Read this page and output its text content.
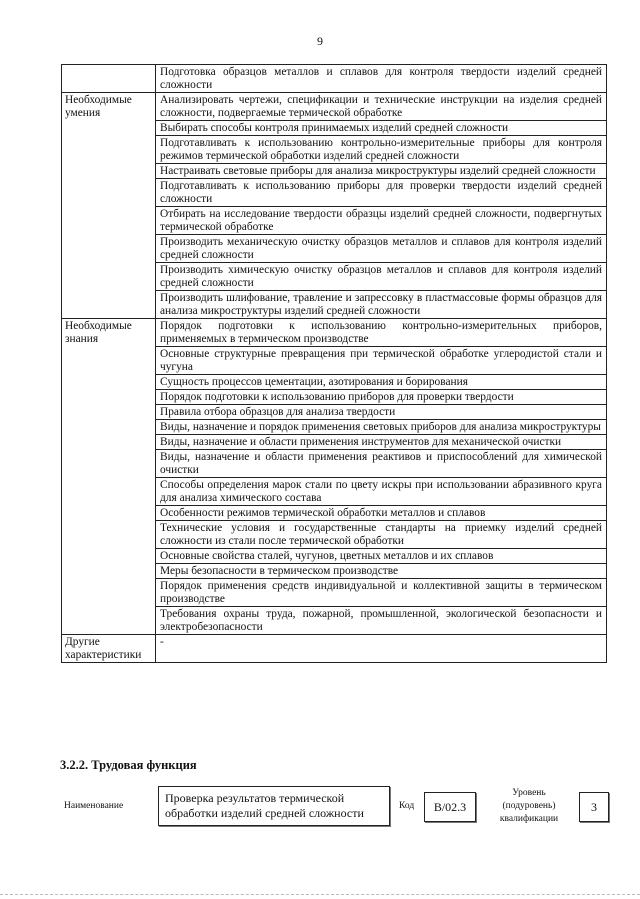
9
	Подготовка образцов металлов и сплавов для контроля твердости изделий средней сложности
Необходимые умения	Анализировать чертежи, спецификации и технические инструкции на изделия средней сложности, подвергаемые термической обработке
	Выбирать способы контроля принимаемых изделий средней сложности
	Подготавливать к использованию контрольно-измерительные приборы для контроля режимов термической обработки изделий средней сложности
	Настраивать световые приборы для анализа микроструктуры изделий средней сложности
	Подготавливать к использованию приборы для проверки твердости изделий средней сложности
	Отбирать на исследование твердости образцы изделий средней сложности, подвергнутых термической обработке
	Производить механическую очистку образцов металлов и сплавов для контроля изделий средней сложности
	Производить химическую очистку образцов металлов и сплавов для контроля изделий средней сложности
	Производить шлифование, травление и запрессовку в пластмассовые формы образцов для анализа микроструктуры изделий средней сложности
Необходимые знания	Порядок подготовки к использованию контрольно-измерительных приборов, применяемых в термическом производстве
	Основные структурные превращения при термической обработке углеродистой стали и чугуна
	Сущность процессов цементации, азотирования и борирования
	Порядок подготовки к использованию приборов для проверки твердости
	Правила отбора образцов для анализа твердости
	Виды, назначение и порядок применения световых приборов для анализа микроструктуры
	Виды, назначение и области применения инструментов для механической очистки
	Виды, назначение и области применения реактивов и приспособлений для химической очистки
	Способы определения марок стали по цвету искры при использовании абразивного круга для анализа химического состава
	Особенности режимов термической обработки металлов и сплавов
	Технические условия и государственные стандарты на приемку изделий средней сложности из стали после термической обработки
	Основные свойства сталей, чугунов, цветных металлов и их сплавов
	Меры безопасности в термическом производстве
	Порядок применения средств индивидуальной и коллективной защиты в термическом производстве
	Требования охраны труда, пожарной, промышленной, экологической безопасности и электробезопасности
Другие характеристики	-
3.2.2. Трудовая функция
Наименование
Проверка результатов термической обработки изделий средней сложности	Код	B/02.3
Уровень (подуровень) квалификации
3
